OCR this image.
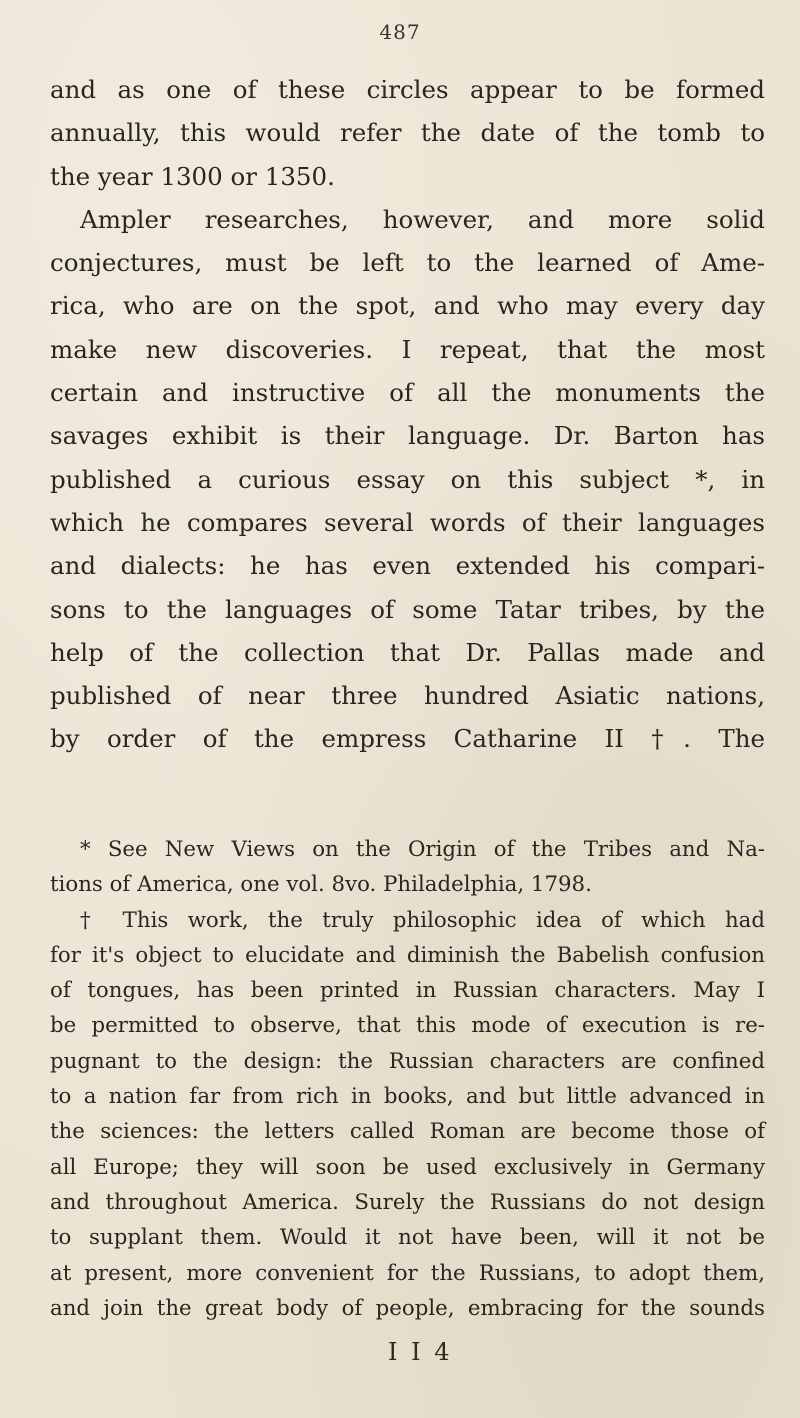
487
and as one of these circles appear to be formed
annually, this would refer the date of the tomb to
the year 1300 or 1350.
Ampler researches, however, and more solid
conjectures, must be left to the learned of Ame-
rica, who are on the spot, and who may every day
make new discoveries. I repeat, that the most
certain and instructive of all the monuments the
savages exhibit is their language. Dr. Barton has
published a curious essay on this subject *, in
which he compares several words of their languages
and dialects: he has even extended his compari-
sons to the languages of some Tatar tribes, by the
help of the collection that Dr. Pallas made and
published of near three hundred Asiatic nations,
by order of the empress Catharine II †. The
* See New Views on the Origin of the Tribes and Na-
tions of America, one vol. 8vo. Philadelphia, 1798.
† This work, the truly philosophic idea of which had
for it's object to elucidate and diminish the Babelish confusion
of tongues, has been printed in Russian characters. May I
be permitted to observe, that this mode of execution is re-
pugnant to the design: the Russian characters are confined
to a nation far from rich in books, and but little advanced in
the sciences: the letters called Roman are become those of
all Europe; they will soon be used exclusively in Germany
and throughout America. Surely the Russians do not design
to supplant them. Would it not have been, will it not be
at present, more convenient for the Russians, to adopt them,
and join the great body of people, embracing for the sounds
I I 4
